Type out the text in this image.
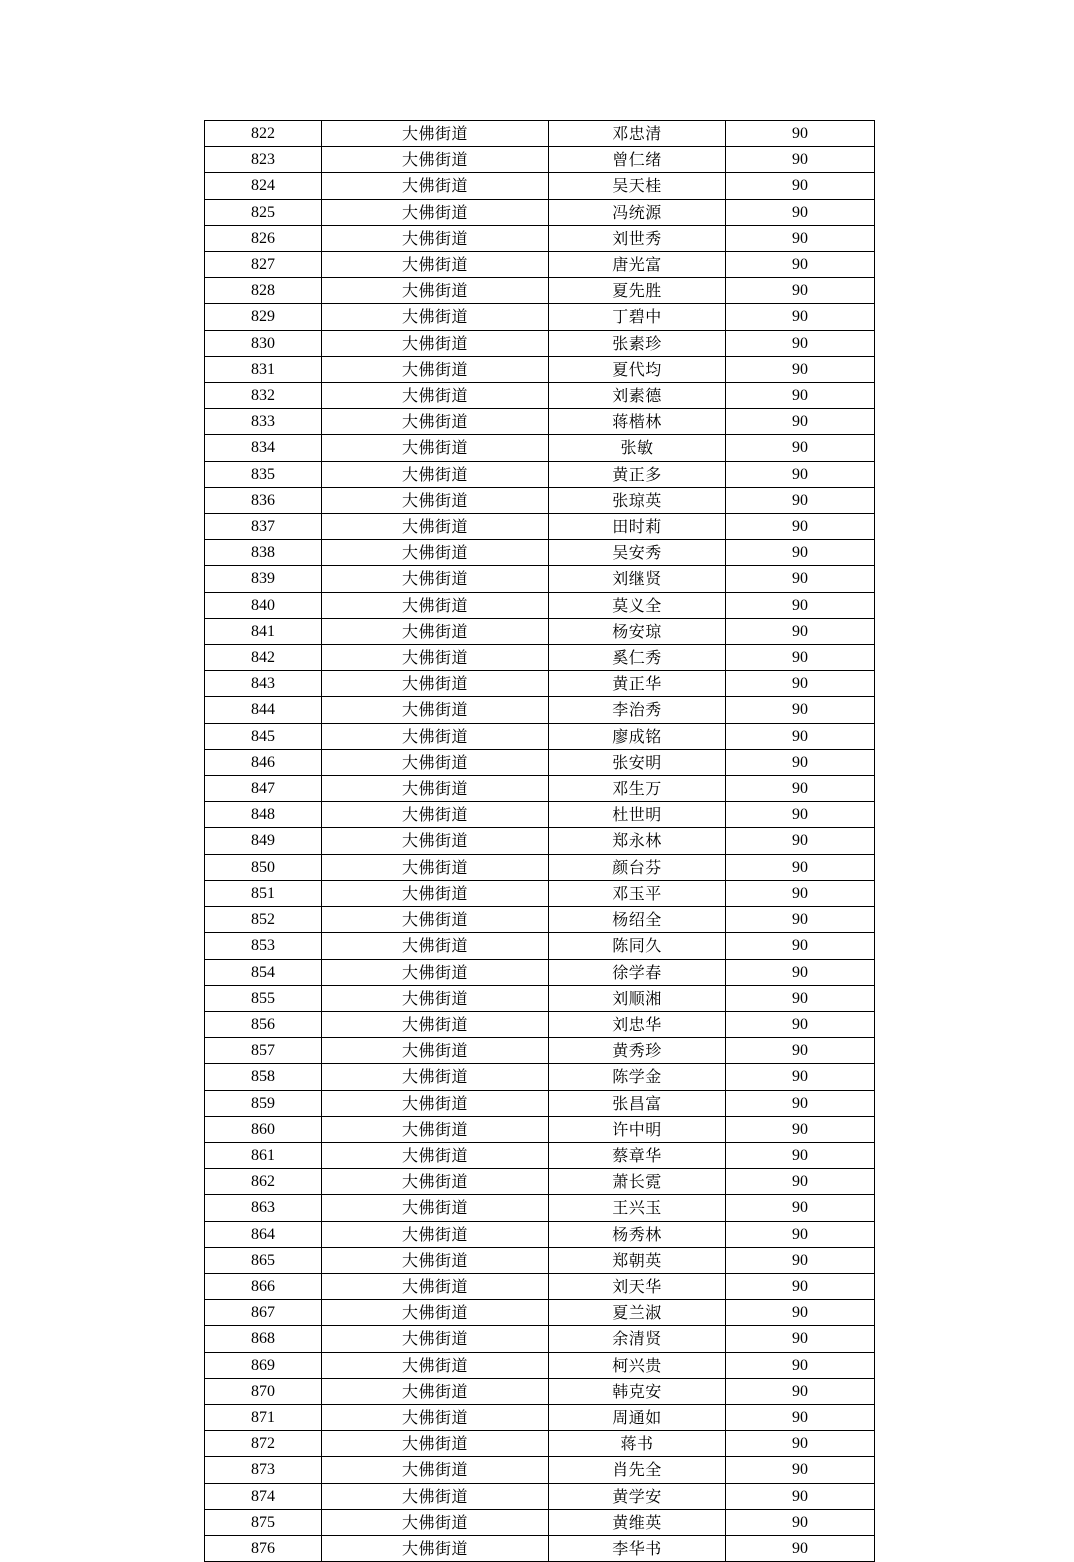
822	大佛街道	邓忠清	90
823	大佛街道	曾仁绪	90
824	大佛街道	吴天桂	90
825	大佛街道	冯统源	90
826	大佛街道	刘世秀	90
827	大佛街道	唐光富	90
828	大佛街道	夏先胜	90
829	大佛街道	丁碧中	90
830	大佛街道	张素珍	90
831	大佛街道	夏代均	90
832	大佛街道	刘素德	90
833	大佛街道	蒋楷林	90
834	大佛街道	张敏	90
835	大佛街道	黄正多	90
836	大佛街道	张琼英	90
837	大佛街道	田时莉	90
838	大佛街道	吴安秀	90
839	大佛街道	刘继贤	90
840	大佛街道	莫义全	90
841	大佛街道	杨安琼	90
842	大佛街道	奚仁秀	90
843	大佛街道	黄正华	90
844	大佛街道	李治秀	90
845	大佛街道	廖成铭	90
846	大佛街道	张安明	90
847	大佛街道	邓生万	90
848	大佛街道	杜世明	90
849	大佛街道	郑永林	90
850	大佛街道	颜台芬	90
851	大佛街道	邓玉平	90
852	大佛街道	杨绍全	90
853	大佛街道	陈同久	90
854	大佛街道	徐学春	90
855	大佛街道	刘顺湘	90
856	大佛街道	刘忠华	90
857	大佛街道	黄秀珍	90
858	大佛街道	陈学金	90
859	大佛街道	张昌富	90
860	大佛街道	许中明	90
861	大佛街道	蔡章华	90
862	大佛街道	萧长霓	90
863	大佛街道	王兴玉	90
864	大佛街道	杨秀林	90
865	大佛街道	郑朝英	90
866	大佛街道	刘天华	90
867	大佛街道	夏兰淑	90
868	大佛街道	余清贤	90
869	大佛街道	柯兴贵	90
870	大佛街道	韩克安	90
871	大佛街道	周通如	90
872	大佛街道	蒋书	90
873	大佛街道	肖先全	90
874	大佛街道	黄学安	90
875	大佛街道	黄维英	90
876	大佛街道	李华书	90
